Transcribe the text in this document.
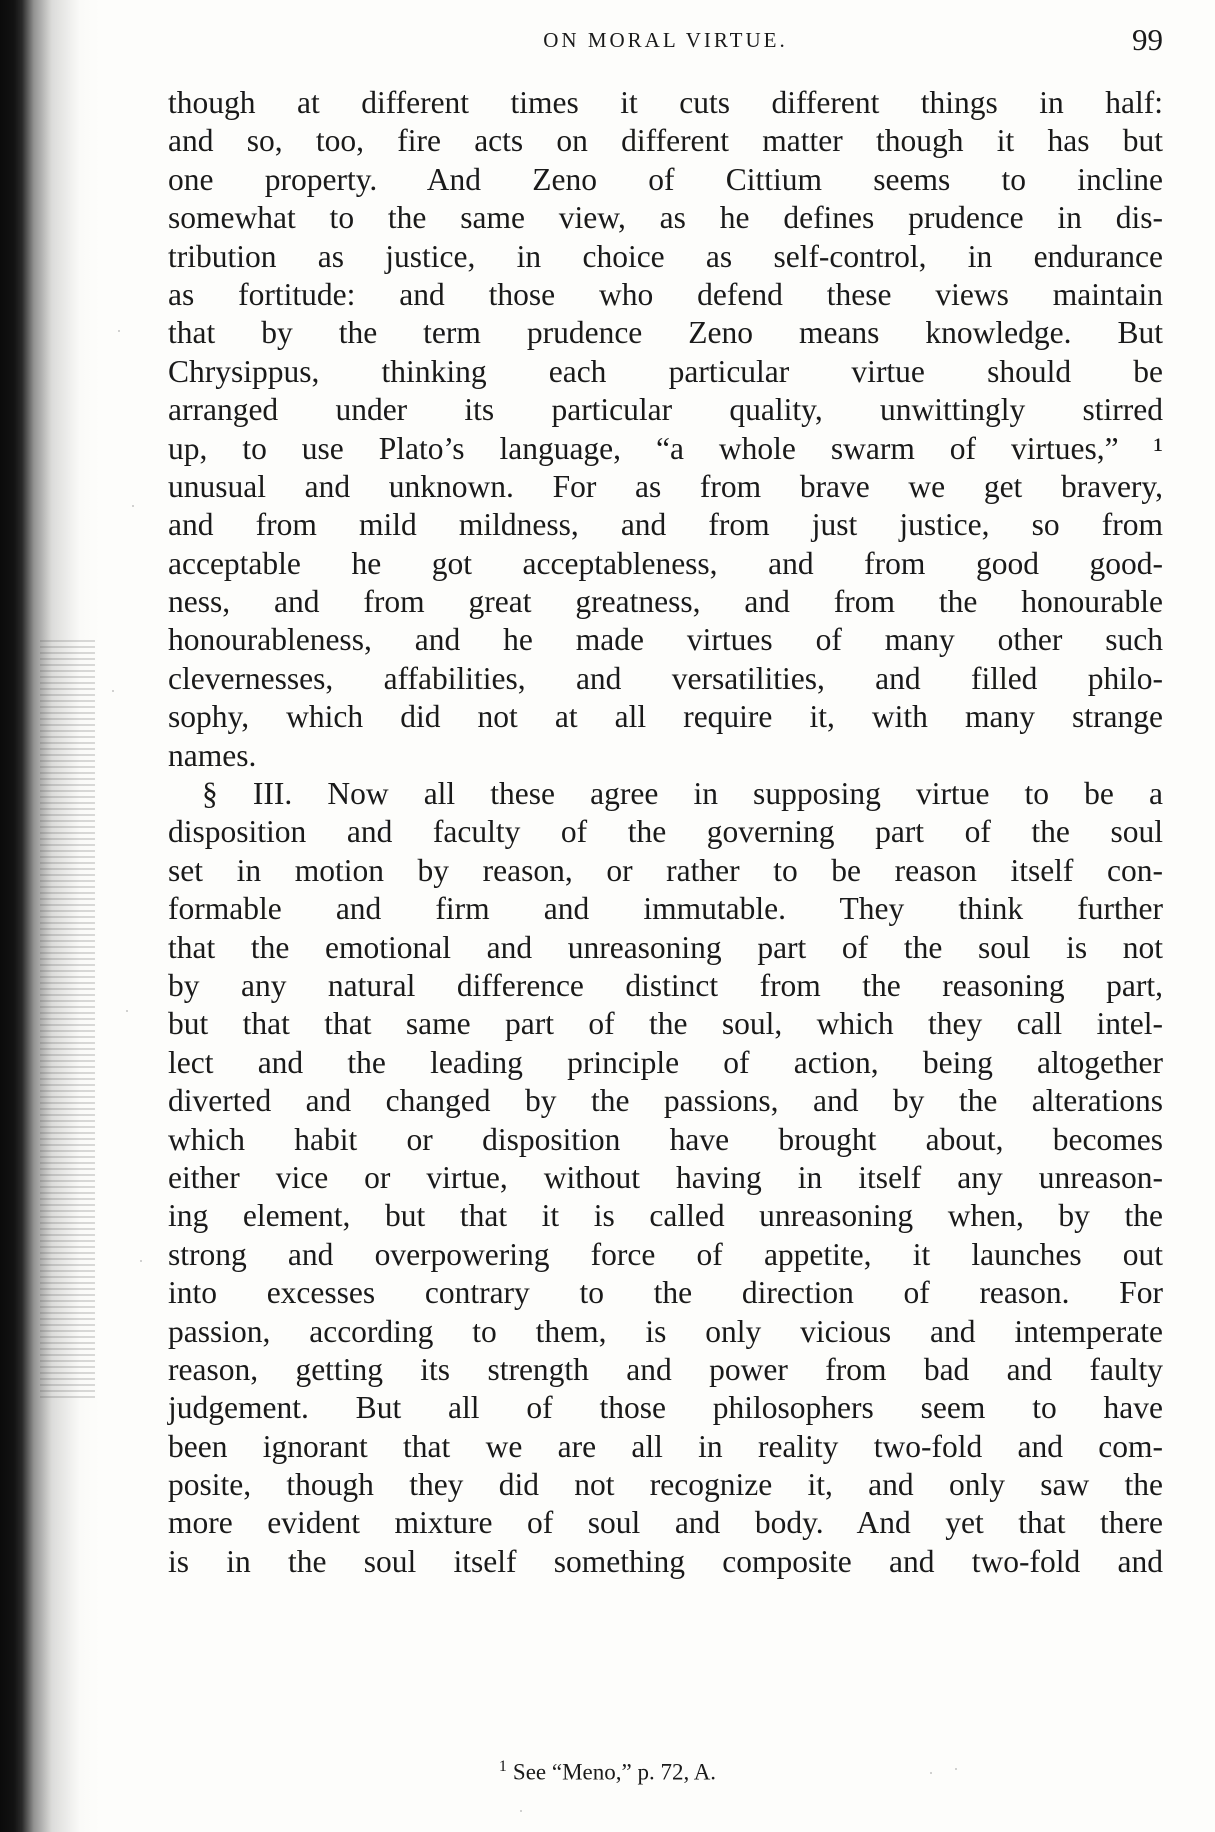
ON MORAL VIRTUE.	99
though at different times it cuts different things in half:
and so, too, fire acts on different matter though it has but
one property. And Zeno of Cittium seems to incline
somewhat to the same view, as he defines prudence in dis-
tribution as justice, in choice as self-control, in endurance
as fortitude: and those who defend these views maintain
that by the term prudence Zeno means knowledge. But
Chrysippus, thinking each particular virtue should be
arranged under its particular quality, unwittingly stirred
up, to use Plato’s language, “a whole swarm of virtues,” ¹
unusual and unknown. For as from brave we get bravery,
and from mild mildness, and from just justice, so from
acceptable he got acceptableness, and from good good-
ness, and from great greatness, and from the honourable
honourableness, and he made virtues of many other such
clevernesses, affabilities, and versatilities, and filled philo-
sophy, which did not at all require it, with many strange
names.
§ III. Now all these agree in supposing virtue to be a
disposition and faculty of the governing part of the soul
set in motion by reason, or rather to be reason itself con-
formable and firm and immutable. They think further
that the emotional and unreasoning part of the soul is not
by any natural difference distinct from the reasoning part,
but that that same part of the soul, which they call intel-
lect and the leading principle of action, being altogether
diverted and changed by the passions, and by the alterations
which habit or disposition have brought about, becomes
either vice or virtue, without having in itself any unreason-
ing element, but that it is called unreasoning when, by the
strong and overpowering force of appetite, it launches out
into excesses contrary to the direction of reason. For
passion, according to them, is only vicious and intemperate
reason, getting its strength and power from bad and faulty
judgement. But all of those philosophers seem to have
been ignorant that we are all in reality two-fold and com-
posite, though they did not recognize it, and only saw the
more evident mixture of soul and body. And yet that there
is in the soul itself something composite and two-fold and
$^1$ See “Meno,” p. 72, A.
